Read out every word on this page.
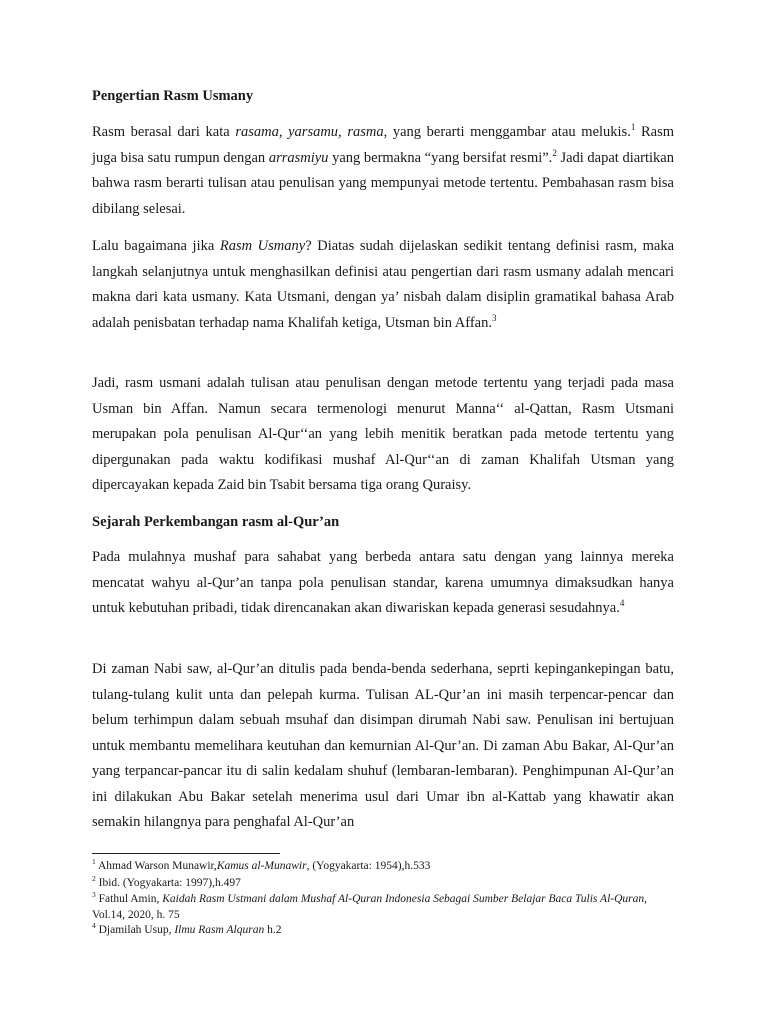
Pengertian Rasm Usmany

Rasm berasal dari kata rasama, yarsamu, rasma, yang berarti menggambar atau melukis.$^1$ Rasm juga bisa satu rumpun dengan arrasmiyu yang bermakna “yang bersifat resmi”.$^2$ Jadi dapat diartikan bahwa rasm berarti tulisan atau penulisan yang mempunyai metode tertentu. Pembahasan rasm bisa dibilang selesai.

Lalu bagaimana jika Rasm Usmany? Diatas sudah dijelaskan sedikit tentang definisi rasm, maka langkah selanjutnya untuk menghasilkan definisi atau pengertian dari rasm usmany adalah mencari makna dari kata usmany. Kata Utsmani, dengan ya’ nisbah dalam disiplin gramatikal bahasa Arab adalah penisbatan terhadap nama Khalifah ketiga, Utsman bin Affan.$^3$

Jadi, rasm usmani adalah tulisan atau penulisan dengan metode tertentu yang terjadi pada masa Usman bin Affan. Namun secara termenologi menurut Manna‘‘ al-Qattan, Rasm Utsmani merupakan pola penulisan Al-Qur‘‘an yang lebih menitik beratkan pada metode tertentu yang dipergunakan pada waktu kodifikasi mushaf Al-Qur‘‘an di zaman Khalifah Utsman yang dipercayakan kepada Zaid bin Tsabit bersama tiga orang Quraisy.

Sejarah Perkembangan rasm al-Qur’an

Pada mulahnya mushaf para sahabat yang berbeda antara satu dengan yang lainnya mereka mencatat wahyu al-Qur’an tanpa pola penulisan standar, karena umumnya dimaksudkan hanya untuk kebutuhan pribadi, tidak direncanakan akan diwariskan kepada generasi sesudahnya.$^4$

Di zaman Nabi saw, al-Qur’an ditulis pada benda-benda sederhana, seprti kepingankepingan batu, tulang-tulang kulit unta dan pelepah kurma. Tulisan AL-Qur’an ini masih terpencar-pencar dan belum terhimpun dalam sebuah msuhaf dan disimpan dirumah Nabi saw. Penulisan ini bertujuan untuk membantu memelihara keutuhan dan kemurnian Al-Qur’an. Di zaman Abu Bakar, Al-Qur’an yang terpancar-pancar itu di salin kedalam shuhuf (lembaran-lembaran). Penghimpunan Al-Qur’an ini dilakukan Abu Bakar setelah menerima usul dari Umar ibn al-Kattab yang khawatir akan semakin hilangnya para penghafal Al-Qur’an

$^1$ Ahmad Warson Munawir,Kamus al-Munawir, (Yogyakarta: 1954),h.533

$^2$ Ibid. (Yogyakarta: 1997),h.497

$^3$ Fathul Amin, Kaidah Rasm Ustmani dalam Mushaf Al-Quran Indonesia Sebagai Sumber Belajar Baca Tulis Al-Quran, Vol.14, 2020, h. 75

$^4$ Djamilah Usup, Ilmu Rasm Alquran h.2
